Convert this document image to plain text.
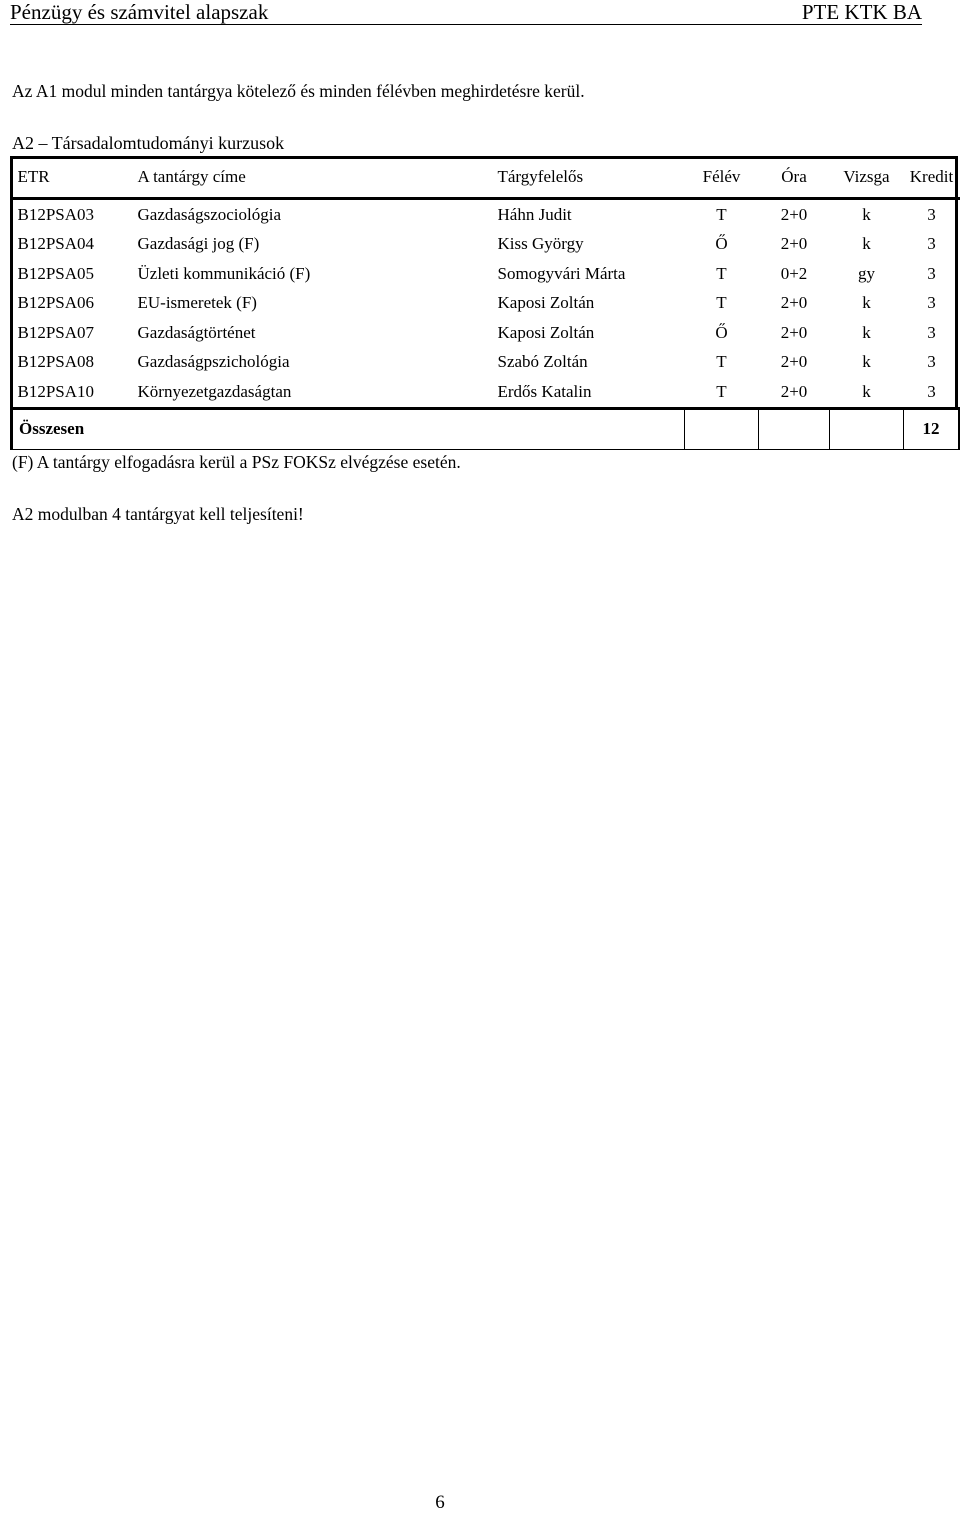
Pénzügy és számvitel alapszak	PTE KTK BA
Az A1 modul minden tantárgya kötelező és minden félévben meghirdetésre kerül.
A2 – Társadalomtudományi kurzusok
ETR	A tantárgy címe	Tárgyfelelős	Félév	Óra	Vizsga	Kredit
B12PSA03	Gazdaságszociológia	Háhn Judit	T	2+0	k	3
B12PSA04	Gazdasági jog (F)	Kiss György	Ő	2+0	k	3
B12PSA05	Üzleti kommunikáció (F)	Somogyvári Márta	T	0+2	gy	3
B12PSA06	EU-ismeretek (F)	Kaposi Zoltán	T	2+0	k	3
B12PSA07	Gazdaságtörténet	Kaposi Zoltán	Ő	2+0	k	3
B12PSA08	Gazdaságpszichológia	Szabó Zoltán	T	2+0	k	3
B12PSA10	Környezetgazdaságtan	Erdős Katalin	T	2+0	k	3
Összesen						12
(F) A tantárgy elfogadásra kerül a PSz FOKSz elvégzése esetén.
A2 modulban 4 tantárgyat kell teljesíteni!
6
